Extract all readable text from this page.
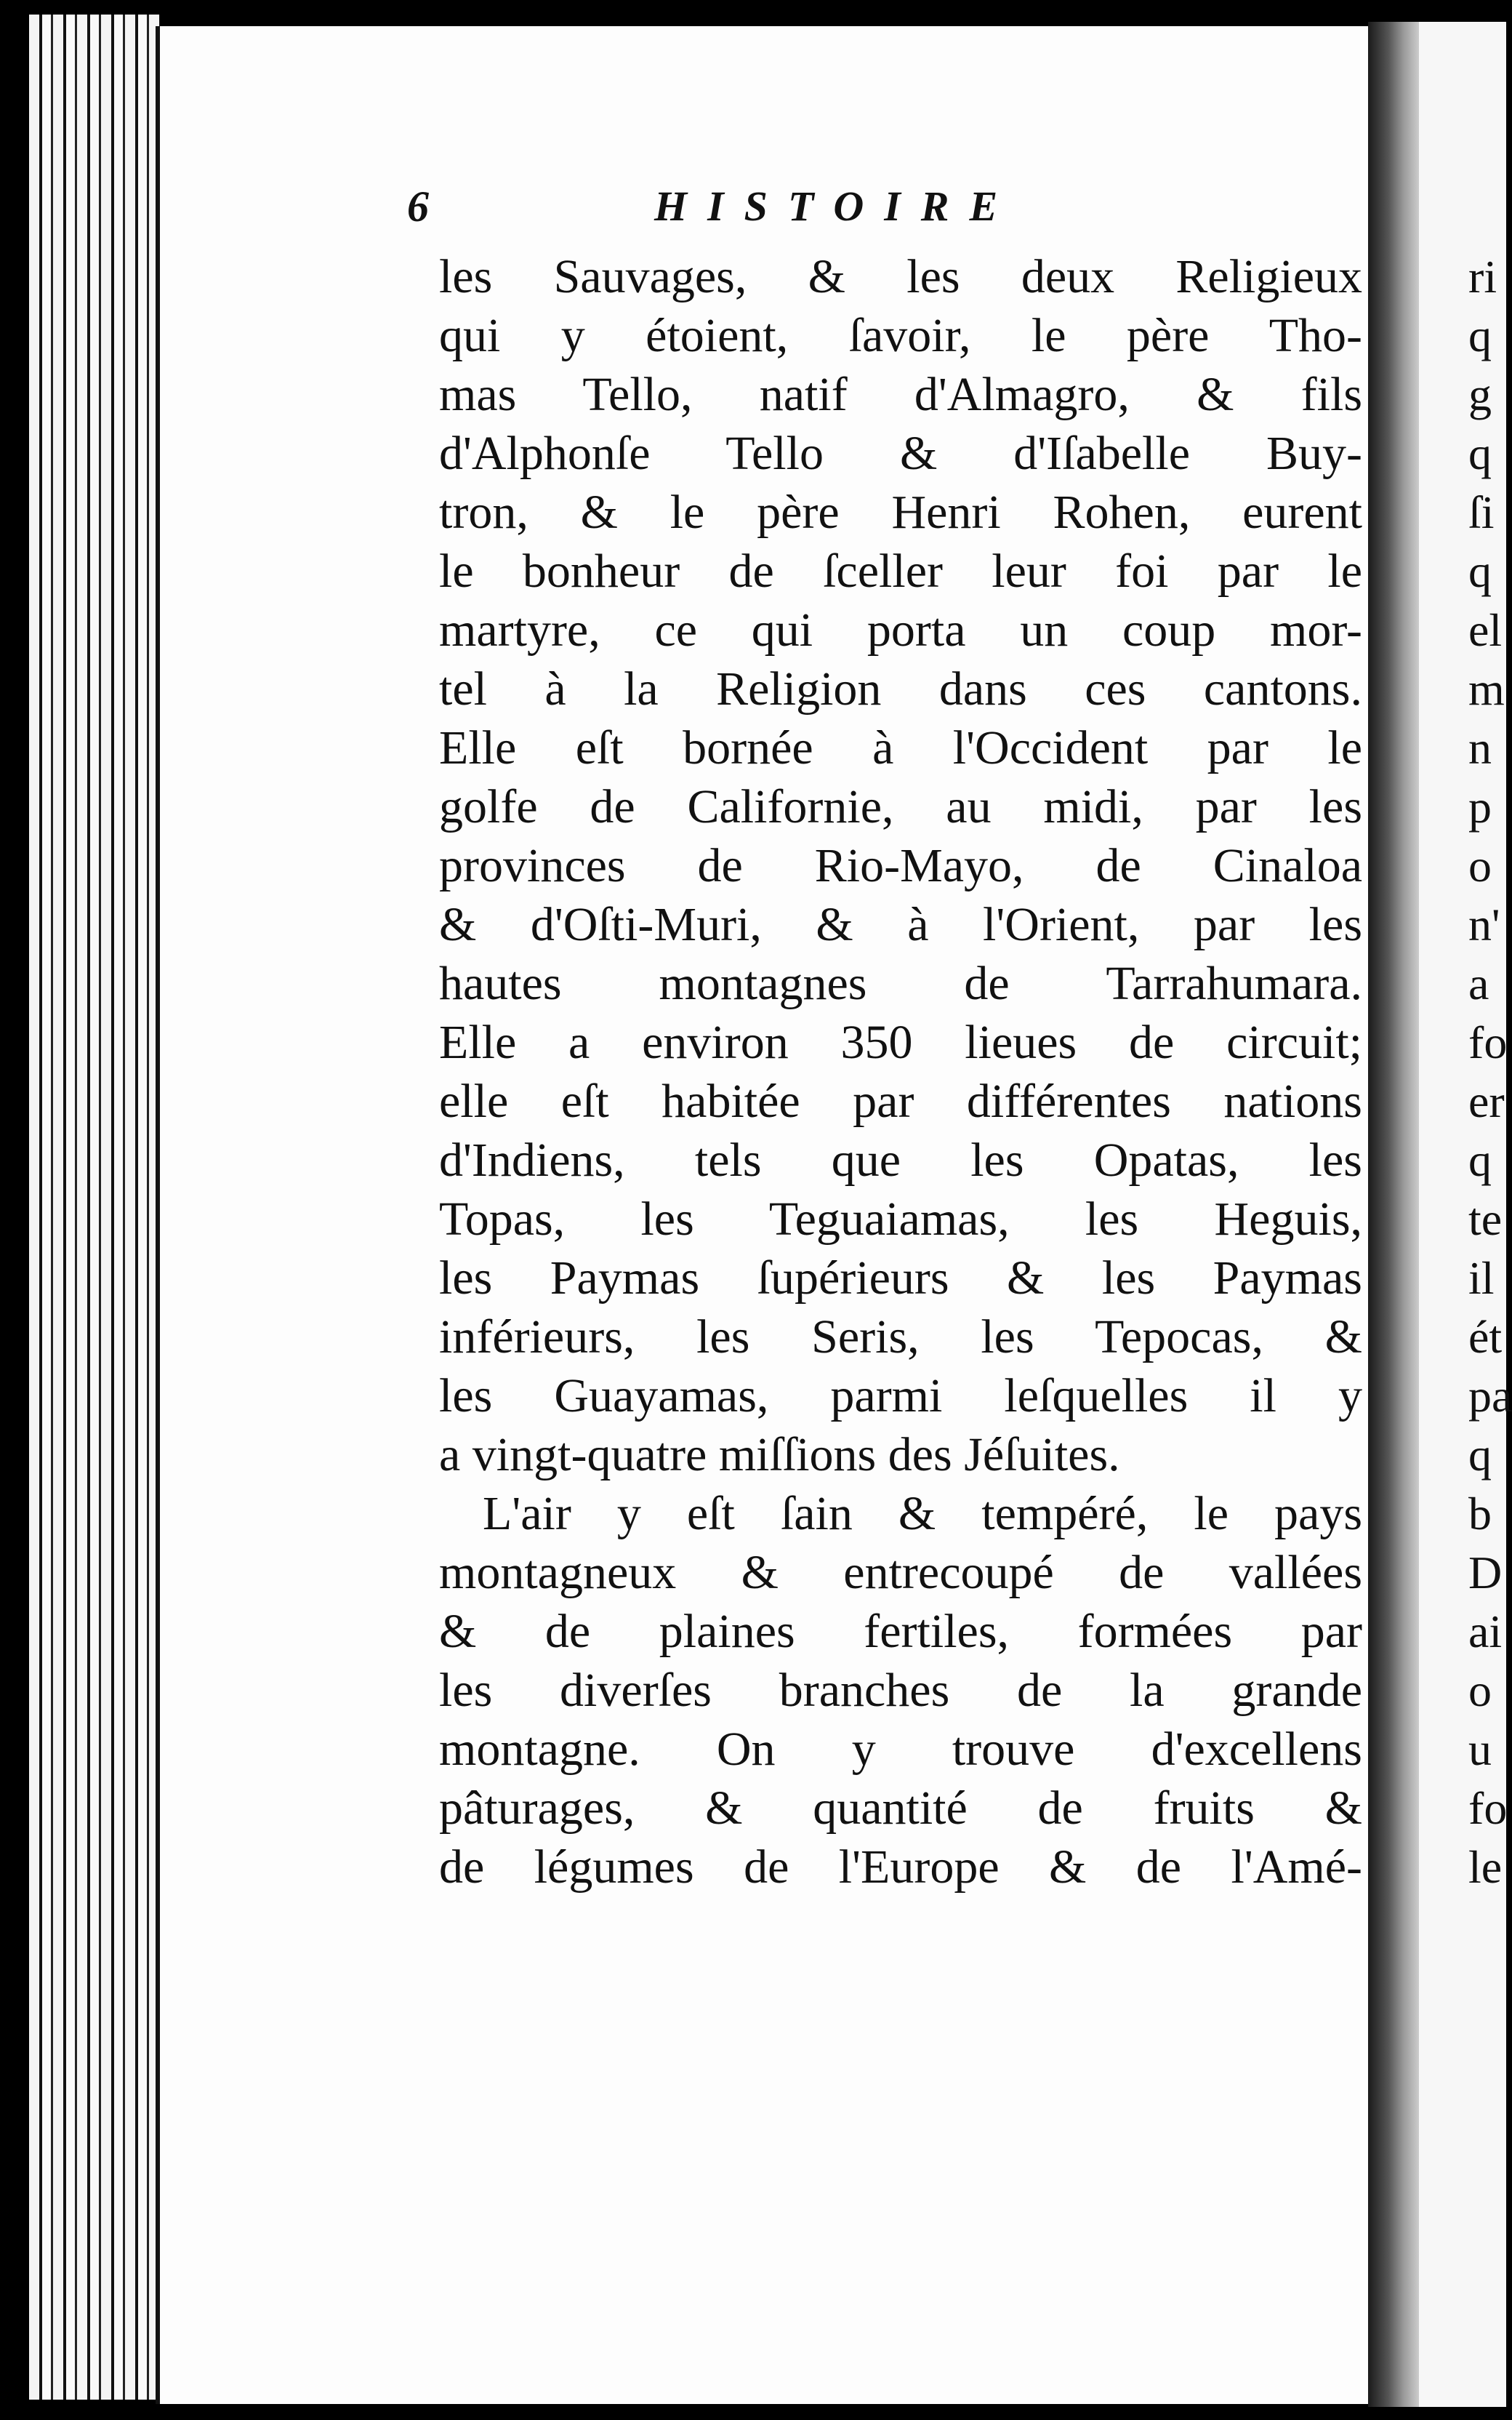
6	HISTOIRE
les Sauvages, & les deux Religieux
qui y étoient, ſavoir, le père Tho-
mas Tello, natif d'Almagro, & fils
d'Alphonſe Tello & d'Iſabelle Buy-
tron, & le père Henri Rohen, eurent
le bonheur de ſceller leur foi par le
martyre, ce qui porta un coup mor-
tel à la Religion dans ces cantons.
Elle eſt bornée à l'Occident par le
golfe de Californie, au midi, par les
provinces de Rio-Mayo, de Cinaloa
& d'Oſti-Muri, & à l'Orient, par les
hautes montagnes de Tarrahumara.
Elle a environ 350 lieues de circuit;
elle eſt habitée par différentes nations
d'Indiens, tels que les Opatas, les
Topas, les Teguaiamas, les Heguis,
les Paymas ſupérieurs & les Paymas
inférieurs, les Seris, les Tepocas, &
les Guayamas, parmi leſquelles il y
a vingt-quatre miſſions des Jéſuites.
L'air y eſt ſain & tempéré, le pays
montagneux & entrecoupé de vallées
& de plaines fertiles, formées par
les diverſes branches de la grande
montagne. On y trouve d'excellens
pâturages, & quantité de fruits &
de légumes de l'Europe & de l'Amé-
ri
q
g
q
ſi
q
el
m
n
p
o
n'
a
fo
er
q
te
il
ét
pa
q
b
D
ai
o
u
fo
le
